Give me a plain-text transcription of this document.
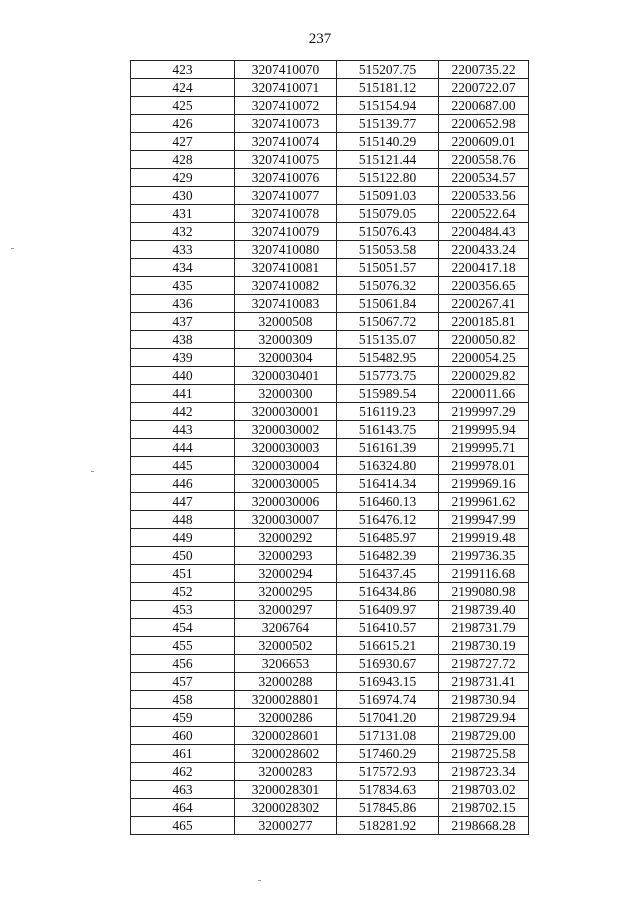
237
423	3207410070	515207.75	2200735.22
424	3207410071	515181.12	2200722.07
425	3207410072	515154.94	2200687.00
426	3207410073	515139.77	2200652.98
427	3207410074	515140.29	2200609.01
428	3207410075	515121.44	2200558.76
429	3207410076	515122.80	2200534.57
430	3207410077	515091.03	2200533.56
431	3207410078	515079.05	2200522.64
432	3207410079	515076.43	2200484.43
433	3207410080	515053.58	2200433.24
434	3207410081	515051.57	2200417.18
435	3207410082	515076.32	2200356.65
436	3207410083	515061.84	2200267.41
437	32000508	515067.72	2200185.81
438	32000309	515135.07	2200050.82
439	32000304	515482.95	2200054.25
440	3200030401	515773.75	2200029.82
441	32000300	515989.54	2200011.66
442	3200030001	516119.23	2199997.29
443	3200030002	516143.75	2199995.94
444	3200030003	516161.39	2199995.71
445	3200030004	516324.80	2199978.01
446	3200030005	516414.34	2199969.16
447	3200030006	516460.13	2199961.62
448	3200030007	516476.12	2199947.99
449	32000292	516485.97	2199919.48
450	32000293	516482.39	2199736.35
451	32000294	516437.45	2199116.68
452	32000295	516434.86	2199080.98
453	32000297	516409.97	2198739.40
454	3206764	516410.57	2198731.79
455	32000502	516615.21	2198730.19
456	3206653	516930.67	2198727.72
457	32000288	516943.15	2198731.41
458	3200028801	516974.74	2198730.94
459	32000286	517041.20	2198729.94
460	3200028601	517131.08	2198729.00
461	3200028602	517460.29	2198725.58
462	32000283	517572.93	2198723.34
463	3200028301	517834.63	2198703.02
464	3200028302	517845.86	2198702.15
465	32000277	518281.92	2198668.28
